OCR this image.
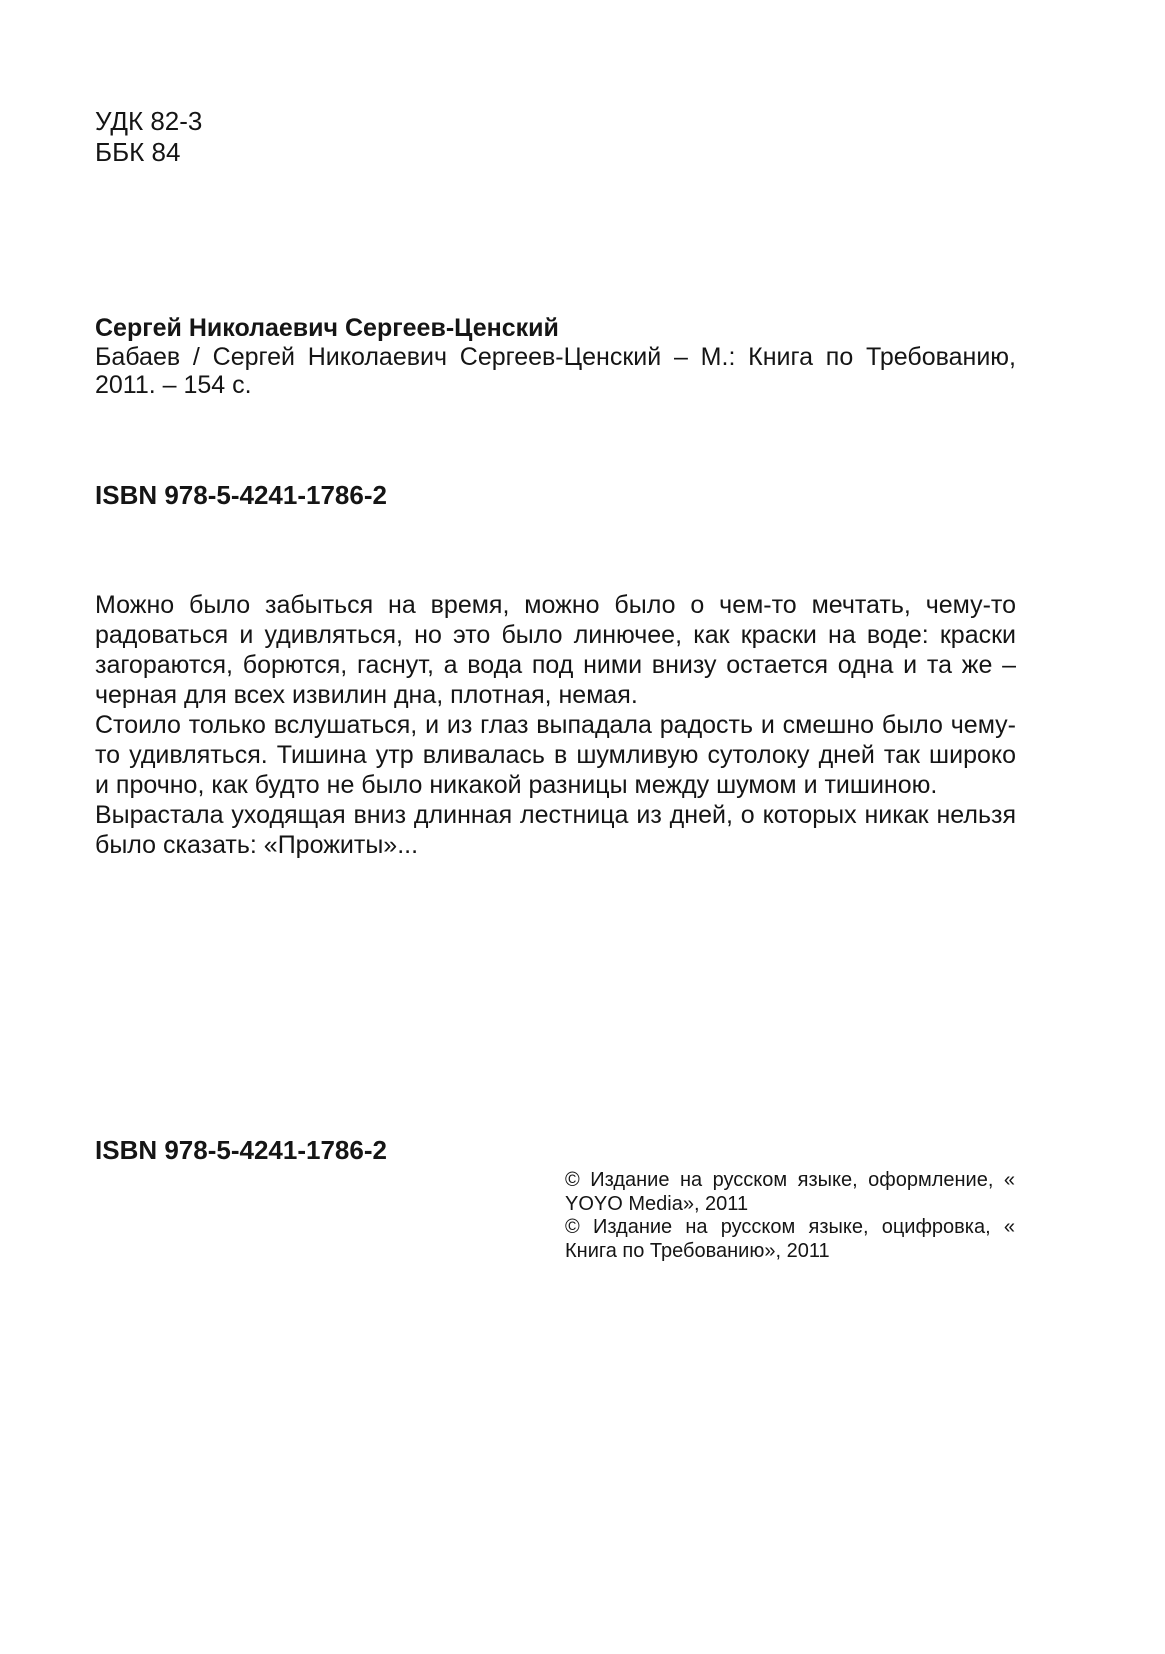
УДК 82-3
ББК 84
Сергей Николаевич Сергеев-Ценский
Бабаев / Сергей Николаевич Сергеев-Ценский – М.: Книга по Требованию,
2011. – 154 с.
ISBN 978-5-4241-1786-2
Можно было забыться на время, можно было о чем-то мечтать, чему-то
радоваться и удивляться, но это было линючее, как краски на воде: краски
загораются, борются, гаснут, а вода под ними внизу остается одна и та же –
черная для всех извилин дна, плотная, немая.
Стоило только вслушаться, и из глаз выпадала радость и смешно было чему-
то удивляться. Тишина утр вливалась в шумливую сутолоку дней так широко
и прочно, как будто не было никакой разницы между шумом и тишиною.
Вырастала уходящая вниз длинная лестница из дней, о которых никак нельзя
было сказать: «Прожиты»...
ISBN 978-5-4241-1786-2
© Издание на русском языке, оформление, «
YOYO Media», 2011
© Издание на русском языке, оцифровка, «
Книга по Требованию», 2011
